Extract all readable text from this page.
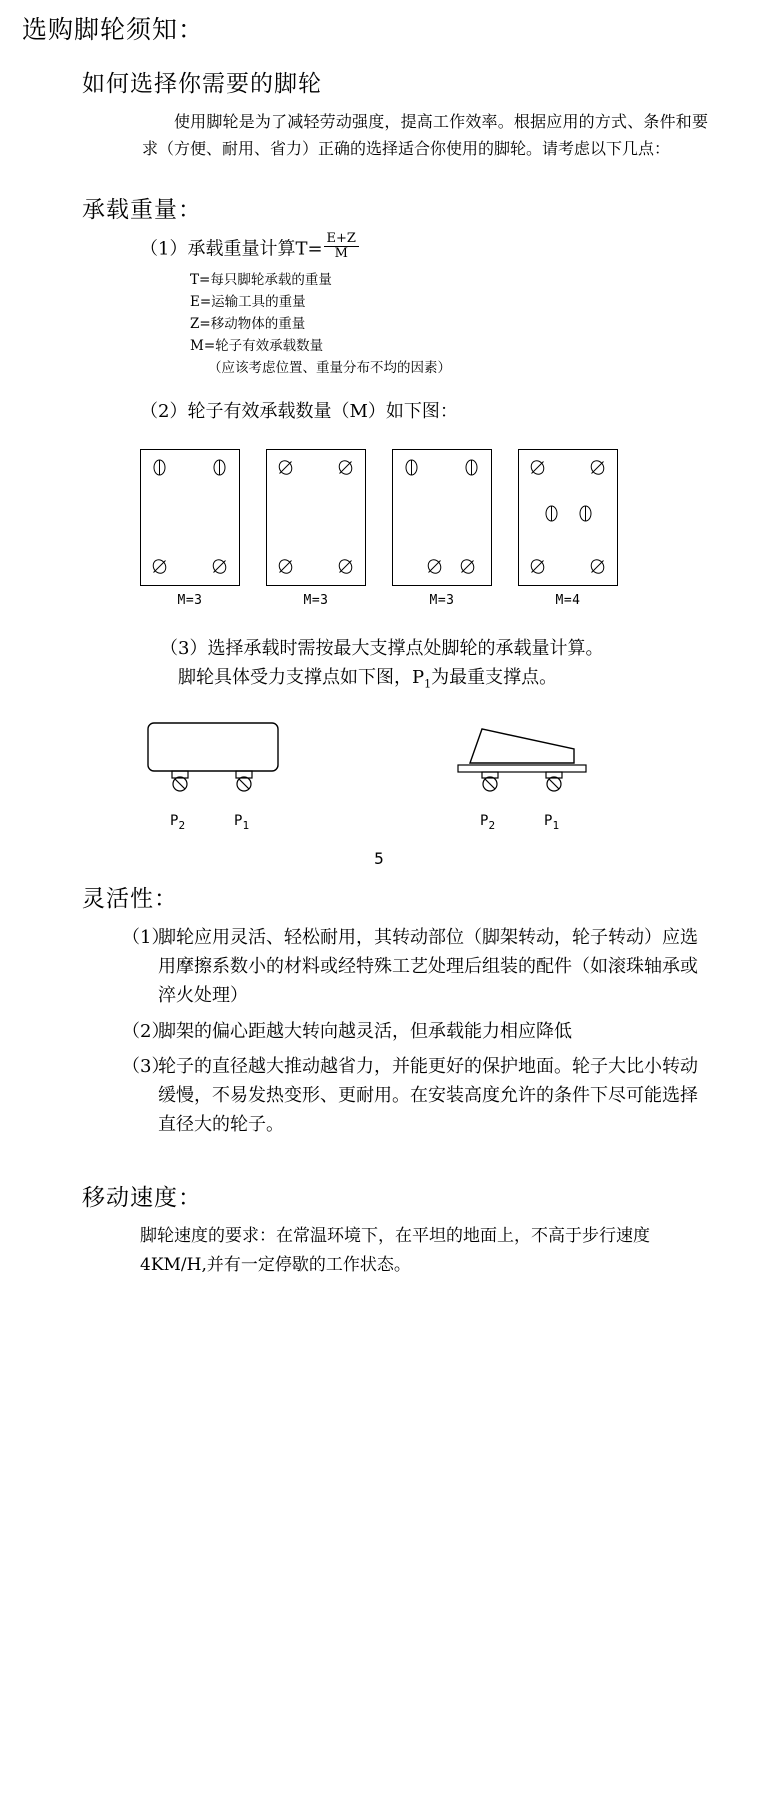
选购脚轮须知：
如何选择你需要的脚轮

使用脚轮是为了减轻劳动强度，提高工作效率。根据应用的方式、条件和要求（方便、耐用、省力）正确的选择适合你使用的脚轮。请考虑以下几点：

承载重量：
（1）承载重量计算$T= \frac{E+Z}{M}$
T=每只脚轮承载的重量
E=运输工具的重量
Z=移动物体的重量
M=轮子有效承载数量
（应该考虑位置、重量分布不均的因素）
（2）轮子有效承载数量（M）如下图：
M=3	M=3	M=3	M=4
（3）选择承载时需按最大支撑点处脚轮的承载量计算。
脚轮具体受力支撑点如下图，$P_1$为最重支撑点。
$P_2$	$P_1$	$P_2$	$P_1$
5
灵活性：
（1）
脚轮应用灵活、轻松耐用，其转动部位（脚架转动，轮子转动）应选用摩擦系数小的材料或经特殊工艺处理后组装的配件（如滚珠轴承或淬火处理）
（2）
脚架的偏心距越大转向越灵活，但承载能力相应降低
（3）
轮子的直径越大推动越省力，并能更好的保护地面。轮子大比小转动缓慢，不易发热变形、更耐用。在安装高度允许的条件下尽可能选择直径大的轮子。
移动速度：

脚轮速度的要求：在常温环境下，在平坦的地面上，不高于步行速度4KM/H,并有一定停歇的工作状态。
